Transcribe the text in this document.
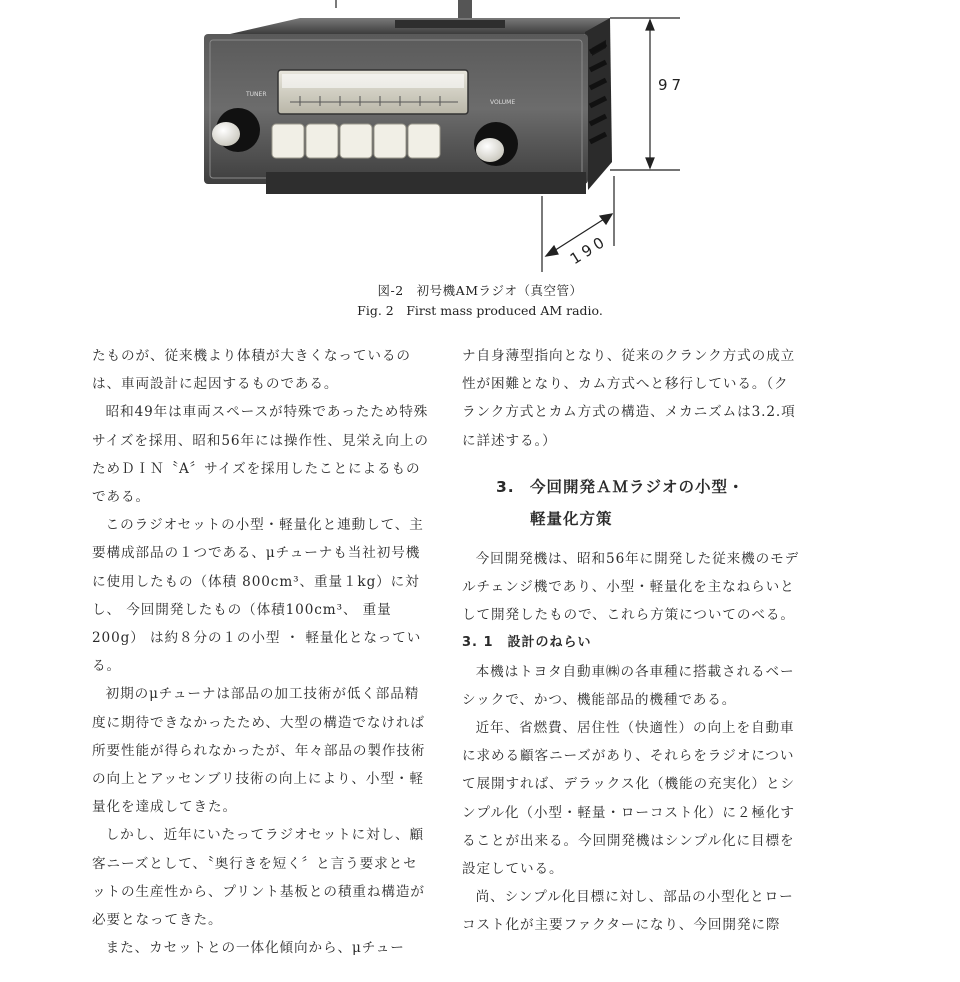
TUNER
VOLUME
97
190
図-2　初号機AMラジオ（真空管）
Fig. 2　First mass produced AM radio.

たものが、従来機より体積が大きくなっているのは、車両設計に起因するものである。

昭和49年は車両スペースが特殊であったため特殊サイズを採用、昭和56年には操作性、見栄え向上のためＤＩＮ〝A〞サイズを採用したことによるものである。

このラジオセットの小型・軽量化と連動して、主要構成部品の１つである、μチューナも当社初号機に使用したもの（体積 800cm³、重量１kg）に対し、 今回開発したもの（体積100cm³、 重量200g） は約８分の１の小型 ・ 軽量化となっている。

初期のμチューナは部品の加工技術が低く部品精度に期待できなかったため、大型の構造でなければ所要性能が得られなかったが、年々部品の製作技術の向上とアッセンブリ技術の向上により、小型・軽量化を達成してきた。

しかし、近年にいたってラジオセットに対し、顧客ニーズとして、〝奥行きを短く〞と言う要求とセットの生産性から、プリント基板との積重ね構造が必要となってきた。

また、カセットとの一体化傾向から、μチュー

ナ自身薄型指向となり、従来のクランク方式の成立性が困難となり、カム方式へと移行している。（クランク方式とカム方式の構造、メカニズムは3.2.項に詳述する。）

3. 今回開発ＡＭラジオの小型・
軽量化方策

今回開発機は、昭和56年に開発した従来機のモデルチェンジ機であり、小型・軽量化を主なねらいとして開発したもので、これら方策についてのべる。

3. 1　設計のねらい

本機はトヨタ自動車㈱の各車種に搭載されるベーシックで、かつ、機能部品的機種である。

近年、省燃費、居住性（快適性）の向上を自動車に求める顧客ニーズがあり、それらをラジオについて展開すれば、デラックス化（機能の充実化）とシンプル化（小型・軽量・ローコスト化）に２極化することが出来る。今回開発機はシンプル化に目標を設定している。

尚、シンプル化目標に対し、部品の小型化とローコスト化が主要ファクターになり、今回開発に際
